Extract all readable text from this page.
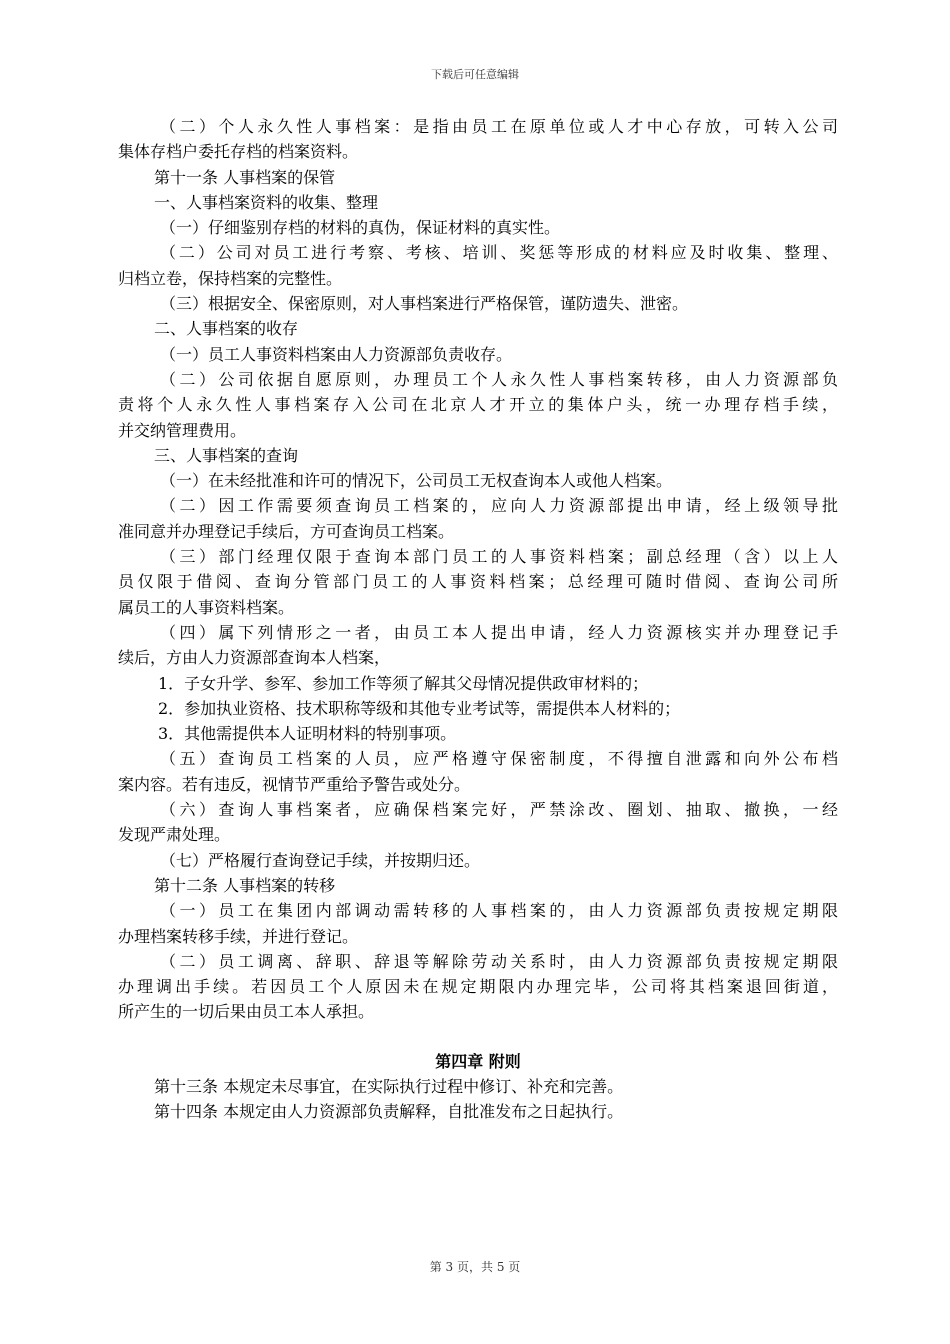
下载后可任意编辑

（二）个人永久性人事档案：是指由员工在原单位或人才中心存放，可转入公司

集体存档户委托存档的档案资料。

第十一条 人事档案的保管

一、人事档案资料的收集、整理

（一）仔细鉴别存档的材料的真伪，保证材料的真实性。

（二）公司对员工进行考察、考核、培训、奖惩等形成的材料应及时收集、整理、

归档立卷，保持档案的完整性。

（三）根据安全、保密原则，对人事档案进行严格保管，谨防遗失、泄密。

二、人事档案的收存

（一）员工人事资料档案由人力资源部负责收存。

（二）公司依据自愿原则，办理员工个人永久性人事档案转移，由人力资源部负

责将个人永久性人事档案存入公司在北京人才开立的集体户头，统一办理存档手续，

并交纳管理费用。

三、人事档案的查询

（一）在未经批准和许可的情况下，公司员工无权查询本人或他人档案。

（二）因工作需要须查询员工档案的，应向人力资源部提出申请，经上级领导批

准同意并办理登记手续后，方可查询员工档案。

（三）部门经理仅限于查询本部门员工的人事资料档案；副总经理（含）以上人

员仅限于借阅、查询分管部门员工的人事资料档案；总经理可随时借阅、查询公司所

属员工的人事资料档案。

（四）属下列情形之一者，由员工本人提出申请，经人力资源核实并办理登记手

续后，方由人力资源部查询本人档案，

1．子女升学、参军、参加工作等须了解其父母情况提供政审材料的；

2．参加执业资格、技术职称等级和其他专业考试等，需提供本人材料的；

3．其他需提供本人证明材料的特别事项。

（五）查询员工档案的人员，应严格遵守保密制度，不得擅自泄露和向外公布档

案内容。若有违反，视情节严重给予警告或处分。

（六）查询人事档案者，应确保档案完好，严禁涂改、圈划、抽取、撤换，一经

发现严肃处理。

（七）严格履行查询登记手续，并按期归还。

第十二条 人事档案的转移

（一）员工在集团内部调动需转移的人事档案的，由人力资源部负责按规定期限

办理档案转移手续，并进行登记。

（二）员工调离、辞职、辞退等解除劳动关系时，由人力资源部负责按规定期限

办理调出手续。若因员工个人原因未在规定期限内办理完毕，公司将其档案退回街道，

所产生的一切后果由员工本人承担。

第四章 附则

第十三条 本规定未尽事宜，在实际执行过程中修订、补充和完善。

第十四条 本规定由人力资源部负责解释，自批准发布之日起执行。

第 3 页，共 5 页
